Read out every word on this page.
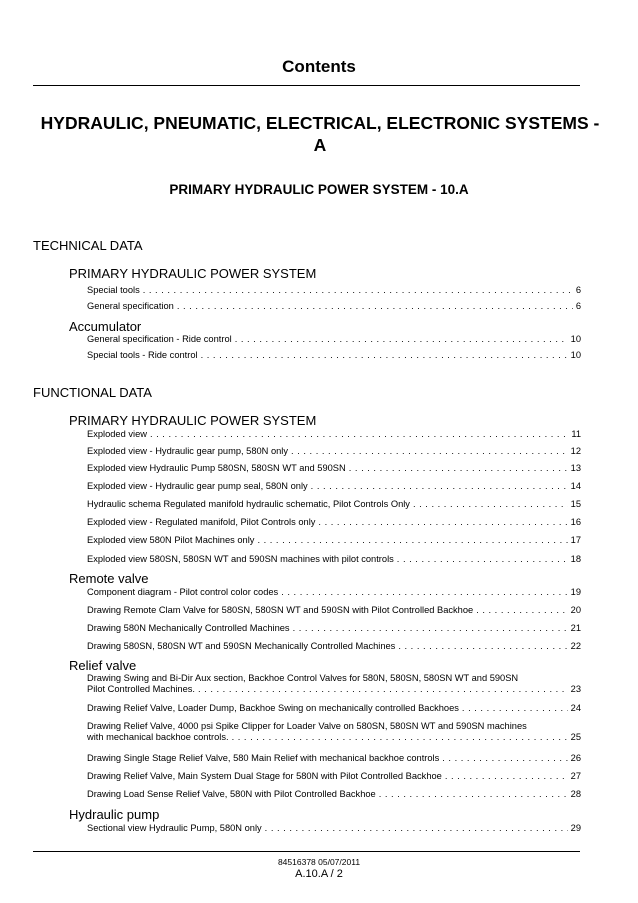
Contents
HYDRAULIC, PNEUMATIC, ELECTRICAL, ELECTRONIC SYSTEMS - A
PRIMARY HYDRAULIC POWER SYSTEM - 10.A
TECHNICAL DATA
PRIMARY HYDRAULIC POWER SYSTEM
Special tools . . .	6
General specification . . .	6
Accumulator
General specification - Ride control . . .	10
Special tools - Ride control . . .	10
FUNCTIONAL DATA
PRIMARY HYDRAULIC POWER SYSTEM
Exploded view . . .	11
Exploded view - Hydraulic gear pump, 580N only . . .	12
Exploded view Hydraulic Pump 580SN, 580SN WT and 590SN . . .	13
Exploded view - Hydraulic gear pump seal, 580N only . . .	14
Hydraulic schema Regulated manifold hydraulic schematic, Pilot Controls Only . . .	15
Exploded view - Regulated manifold, Pilot Controls only . . .	16
Exploded view 580N Pilot Machines only . . .	17
Exploded view 580SN, 580SN WT and 590SN machines with pilot controls . . .	18
Remote valve
Component diagram - Pilot control color codes . . .	19
Drawing Remote Clam Valve for 580SN, 580SN WT and 590SN with Pilot Controlled Backhoe . . .	20
Drawing 580N Mechanically Controlled Machines . . .	21
Drawing 580SN, 580SN WT and 590SN Mechanically Controlled Machines . . .	22
Relief valve
Drawing Swing and Bi-Dir Aux section, Backhoe Control Valves for 580N, 580SN, 580SN WT and 590SN
Pilot Controlled Machines. . . .	23
Drawing Relief Valve, Loader Dump, Backhoe Swing on mechanically controlled Backhoes . . .	24
Drawing Relief Valve, 4000 psi Spike Clipper for Loader Valve on 580SN, 580SN WT and 590SN machines
with mechanical backhoe controls. . . .	25
Drawing Single Stage Relief Valve, 580 Main Relief with mechanical backhoe controls . . .	26
Drawing Relief Valve, Main System Dual Stage for 580N with Pilot Controlled Backhoe . . .	27
Drawing Load Sense Relief Valve, 580N with Pilot Controlled Backhoe . . .	28
Hydraulic pump
Sectional view Hydraulic Pump, 580N only . . .	29
84516378 05/07/2011
A.10.A / 2
